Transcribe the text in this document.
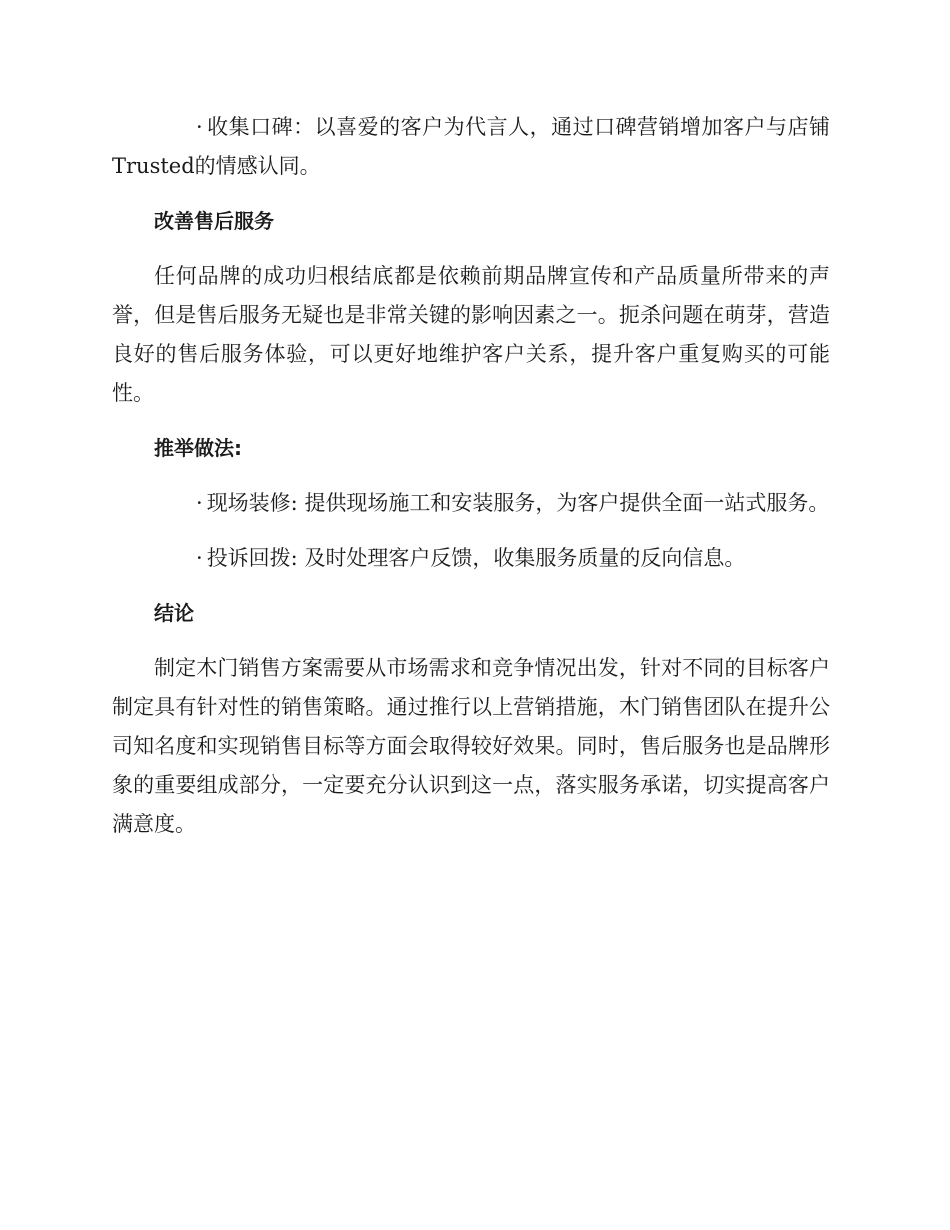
· 收集口碑：以喜爱的客户为代言人，通过口碑营销增加客户与店铺Trusted的情感认同。

改善售后服务

任何品牌的成功归根结底都是依赖前期品牌宣传和产品质量所带来的声誉，但是售后服务无疑也是非常关键的影响因素之一。扼杀问题在萌芽，营造良好的售后服务体验，可以更好地维护客户关系，提升客户重复购买的可能性。

推举做法:

· 现场装修: 提供现场施工和安装服务，为客户提供全面一站式服务。

· 投诉回拨: 及时处理客户反馈，收集服务质量的反向信息。

结论

制定木门销售方案需要从市场需求和竞争情况出发，针对不同的目标客户制定具有针对性的销售策略。通过推行以上营销措施，木门销售团队在提升公司知名度和实现销售目标等方面会取得较好效果。同时，售后服务也是品牌形象的重要组成部分，一定要充分认识到这一点，落实服务承诺，切实提高客户满意度。
